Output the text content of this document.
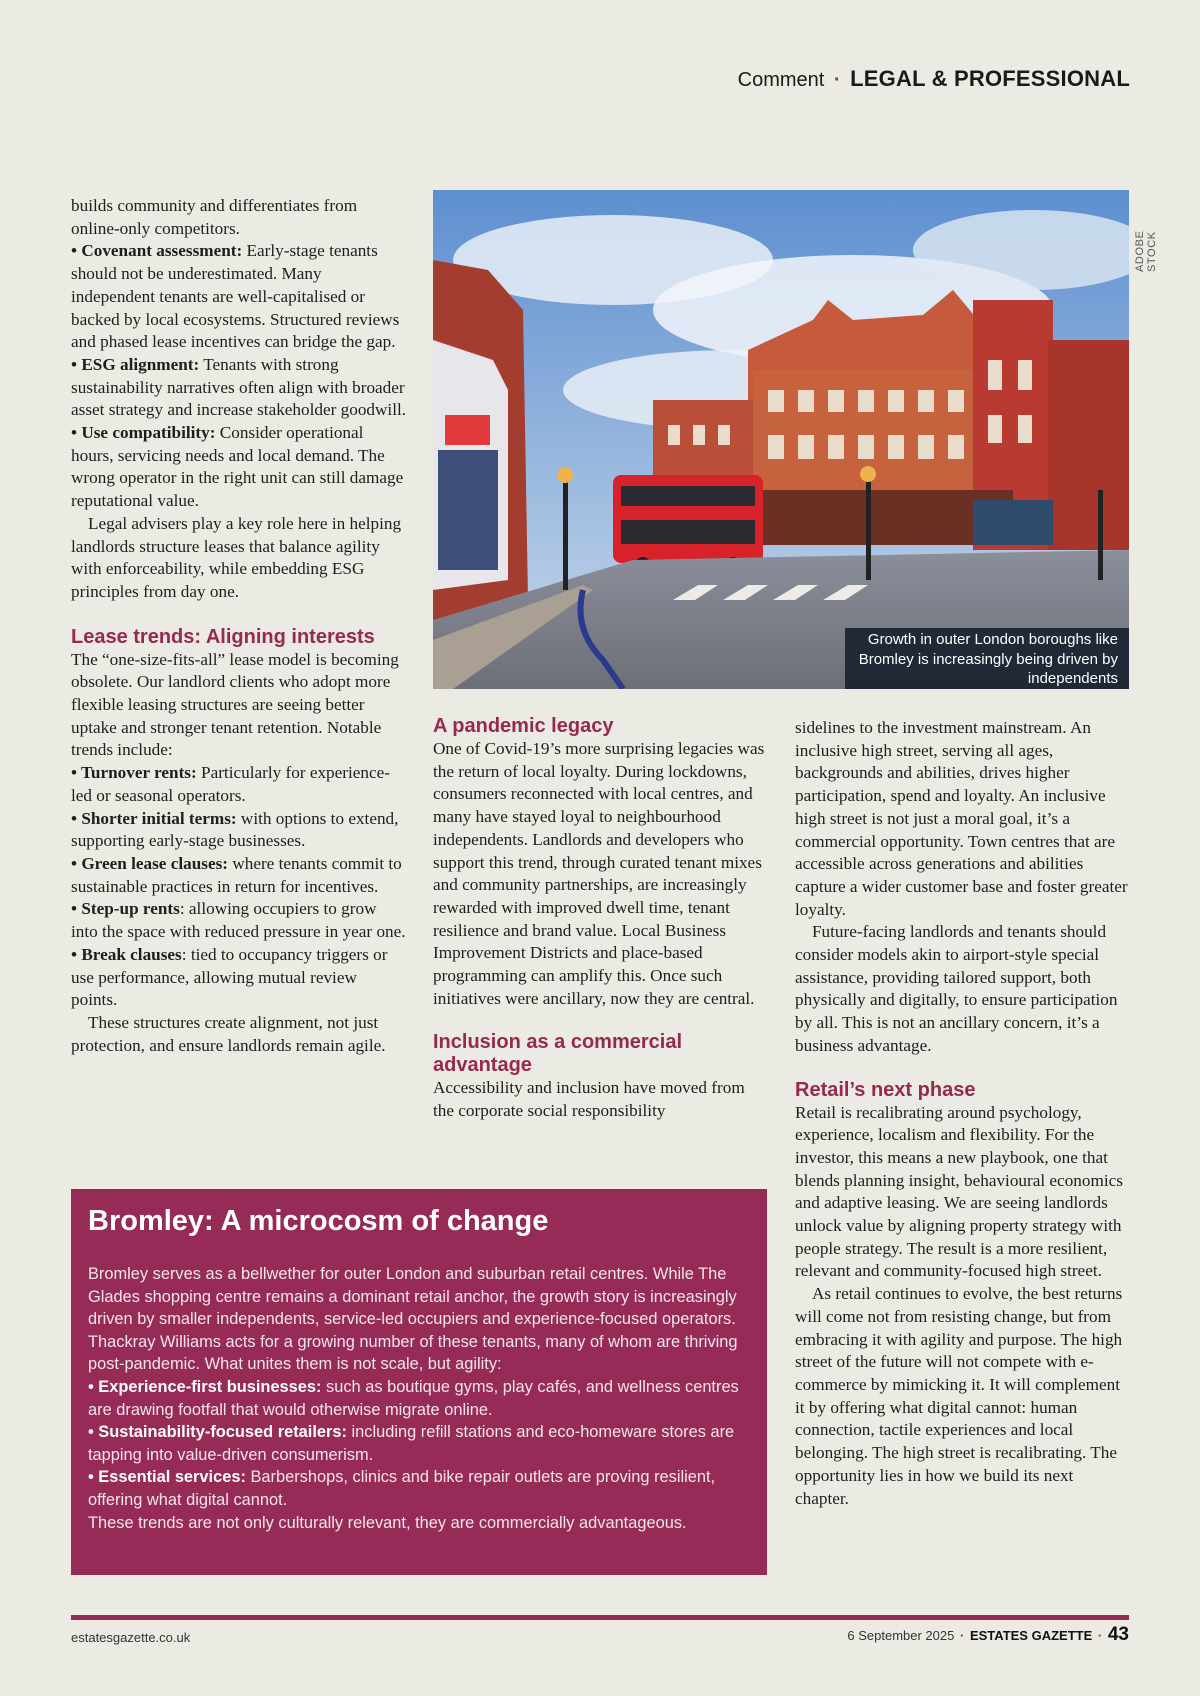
Comment · LEGAL & PROFESSIONAL

builds community and differentiates from online-only competitors.

• Covenant assessment: Early-stage tenants should not be underestimated. Many independent tenants are well-capitalised or backed by local ecosystems. Structured reviews and phased lease incentives can bridge the gap.

• ESG alignment: Tenants with strong sustainability narratives often align with broader asset strategy and increase stakeholder goodwill.

• Use compatibility: Consider operational hours, servicing needs and local demand. The wrong operator in the right unit can still damage reputational value.

Legal advisers play a key role here in helping landlords structure leases that balance agility with enforceability, while embedding ESG principles from day one.

Lease trends: Aligning interests

The “one-size-fits-all” lease model is becoming obsolete. Our landlord clients who adopt more flexible leasing structures are seeing better uptake and stronger tenant retention. Notable trends include:

• Turnover rents: Particularly for experience-led or seasonal operators.

• Shorter initial terms: with options to extend, supporting early-stage businesses.

• Green lease clauses: where tenants commit to sustainable practices in return for incentives.

• Step-up rents: allowing occupiers to grow into the space with reduced pressure in year one.

• Break clauses: tied to occupancy triggers or use performance, allowing mutual review points.

These structures create alignment, not just protection, and ensure landlords remain agile.

Growth in outer London boroughs like Bromley is increasingly being driven by independents
ADOBE STOCK
A pandemic legacy

One of Covid-19’s more surprising legacies was the return of local loyalty. During lockdowns, consumers reconnected with local centres, and many have stayed loyal to neighbourhood independents. Landlords and developers who support this trend, through curated tenant mixes and community partnerships, are increasingly rewarded with improved dwell time, tenant resilience and brand value. Local Business Improvement Districts and place-based programming can amplify this. Once such initiatives were ancillary, now they are central.

Inclusion as a commercial advantage

Accessibility and inclusion have moved from the corporate social responsibility

sidelines to the investment mainstream. An inclusive high street, serving all ages, backgrounds and abilities, drives higher participation, spend and loyalty. An inclusive high street is not just a moral goal, it’s a commercial opportunity. Town centres that are accessible across generations and abilities capture a wider customer base and foster greater loyalty.

Future-facing landlords and tenants should consider models akin to airport-style special assistance, providing tailored support, both physically and digitally, to ensure participation by all. This is not an ancillary concern, it’s a business advantage.

Retail’s next phase

Retail is recalibrating around psychology, experience, localism and flexibility. For the investor, this means a new playbook, one that blends planning insight, behavioural economics and adaptive leasing. We are seeing landlords unlock value by aligning property strategy with people strategy. The result is a more resilient, relevant and community-focused high street.

As retail continues to evolve, the best returns will come not from resisting change, but from embracing it with agility and purpose. The high street of the future will not compete with e-commerce by mimicking it. It will complement it by offering what digital cannot: human connection, tactile experiences and local belonging. The high street is recalibrating. The opportunity lies in how we build its next chapter.

Bromley: A microcosm of change

Bromley serves as a bellwether for outer London and suburban retail centres. While The Glades shopping centre remains a dominant retail anchor, the growth story is increasingly driven by smaller independents, service-led occupiers and experience-focused operators. Thackray Williams acts for a growing number of these tenants, many of whom are thriving post-pandemic. What unites them is not scale, but agility:

• Experience-first businesses: such as boutique gyms, play cafés, and wellness centres are drawing footfall that would otherwise migrate online.

• Sustainability-focused retailers: including refill stations and eco-homeware stores are tapping into value-driven consumerism.

• Essential services: Barbershops, clinics and bike repair outlets are proving resilient, offering what digital cannot.

These trends are not only culturally relevant, they are commercially advantageous.

estatesgazette.co.uk	6 September 2025 · ESTATES GAZETTE · 43
